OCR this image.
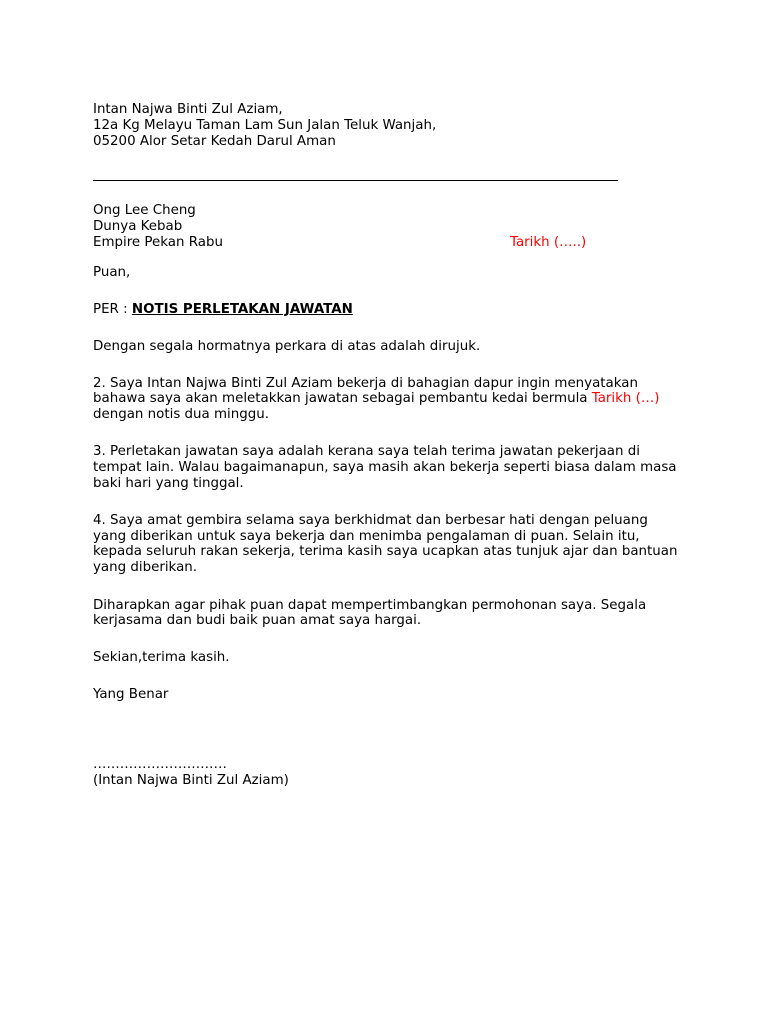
Intan Najwa Binti Zul Aziam,
12a Kg Melayu Taman Lam Sun Jalan Teluk Wanjah,
05200 Alor Setar Kedah Darul Aman
Ong Lee Cheng
Dunya Kebab
Empire Pekan Rabu	Tarikh (…..)
Puan,
PER : NOTIS PERLETAKAN JAWATAN

Dengan segala hormatnya perkara di atas adalah dirujuk.

2. Saya Intan Najwa Binti Zul Aziam bekerja di bahagian dapur ingin menyatakan bahawa saya akan meletakkan jawatan sebagai pembantu kedai bermula Tarikh (…) dengan notis dua minggu.

3. Perletakan jawatan saya adalah kerana saya telah terima jawatan pekerjaan di tempat lain. Walau bagaimanapun, saya masih akan bekerja seperti biasa dalam masa baki hari yang tinggal.

4. Saya amat gembira selama saya berkhidmat dan berbesar hati dengan peluang yang diberikan untuk saya bekerja dan menimba pengalaman di puan. Selain itu, kepada seluruh rakan sekerja, terima kasih saya ucapkan atas tunjuk ajar dan bantuan yang diberikan.

Diharapkan agar pihak puan dapat mempertimbangkan permohonan saya. Segala kerjasama dan budi baik puan amat saya hargai.

Sekian,terima kasih.
Yang Benar
…………………………
(Intan Najwa Binti Zul Aziam)
